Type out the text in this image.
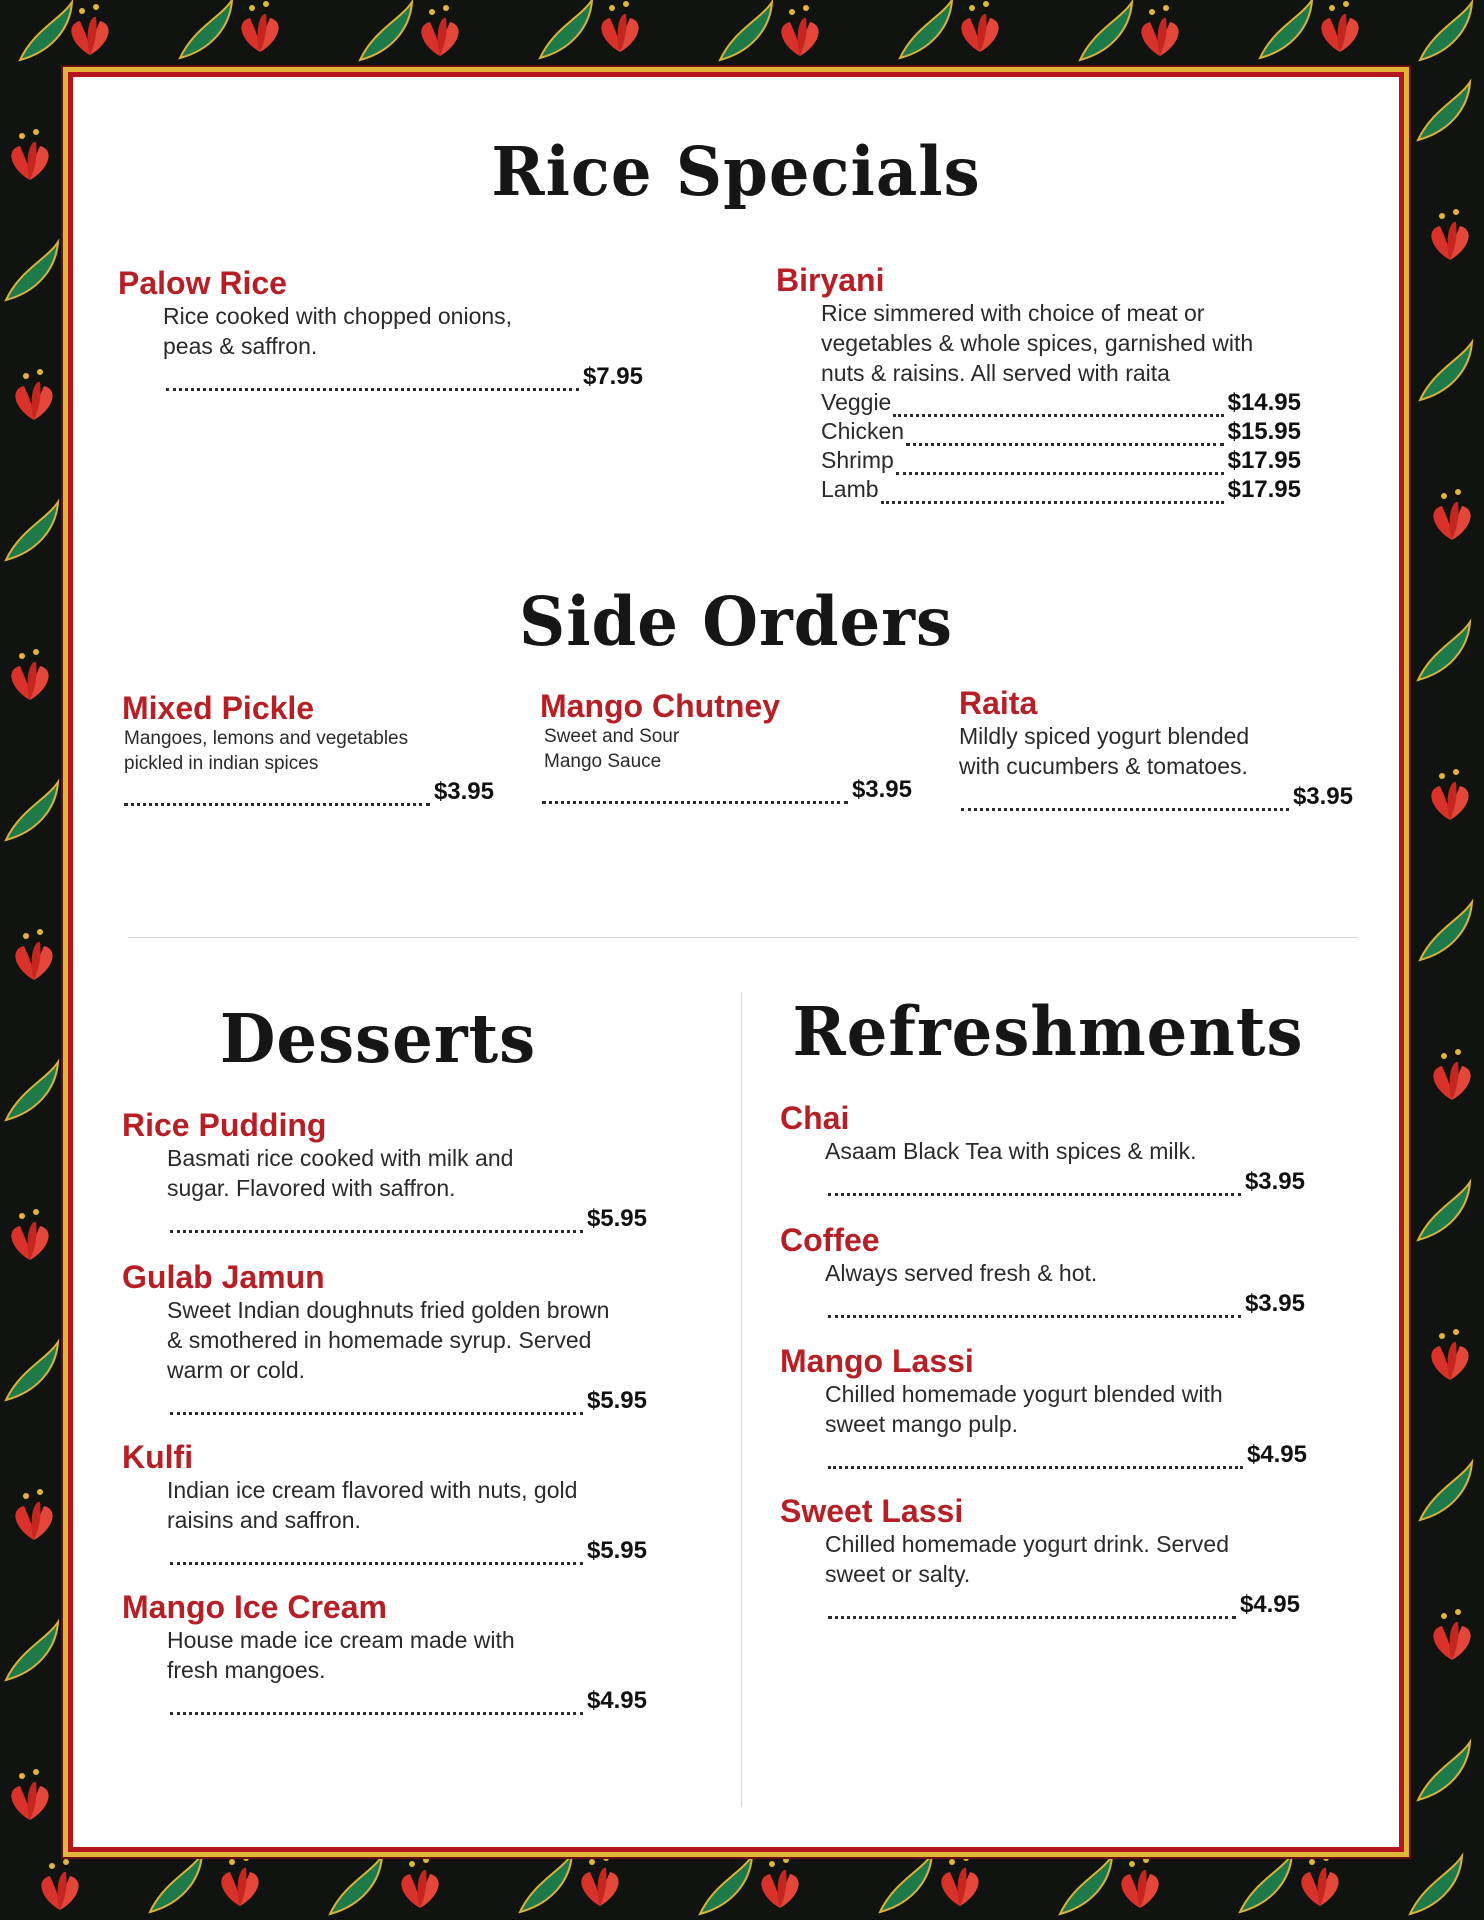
Rice Specials
Palow Rice
Rice cooked with chopped onions,
peas & saffron.
$7.95
Biryani
Rice simmered with choice of meat or
vegetables & whole spices, garnished with
nuts & raisins. All served with raita
Veggie	$14.95
Chicken	$15.95
Shrimp	$17.95
Lamb	$17.95
Side Orders
Mixed Pickle
Mangoes, lemons and vegetables
pickled in indian spices
$3.95
Mango Chutney
Sweet and Sour
Mango Sauce
$3.95
Raita
Mildly spiced yogurt blended
with cucumbers & tomatoes.
$3.95
Desserts
Rice Pudding
Basmati rice cooked with milk and
sugar. Flavored with saffron.
$5.95
Gulab Jamun
Sweet Indian doughnuts fried golden brown
& smothered in homemade syrup. Served
warm or cold.
$5.95
Kulfi
Indian ice cream flavored with nuts, gold
raisins and saffron.
$5.95
Mango Ice Cream
House made ice cream made with
fresh mangoes.
$4.95
Refreshments
Chai
Asaam Black Tea with spices & milk.
$3.95
Coffee
Always served fresh & hot.
$3.95
Mango Lassi
Chilled homemade yogurt blended with
sweet mango pulp.
$4.95
Sweet Lassi
Chilled homemade yogurt drink. Served
sweet or salty.
$4.95
